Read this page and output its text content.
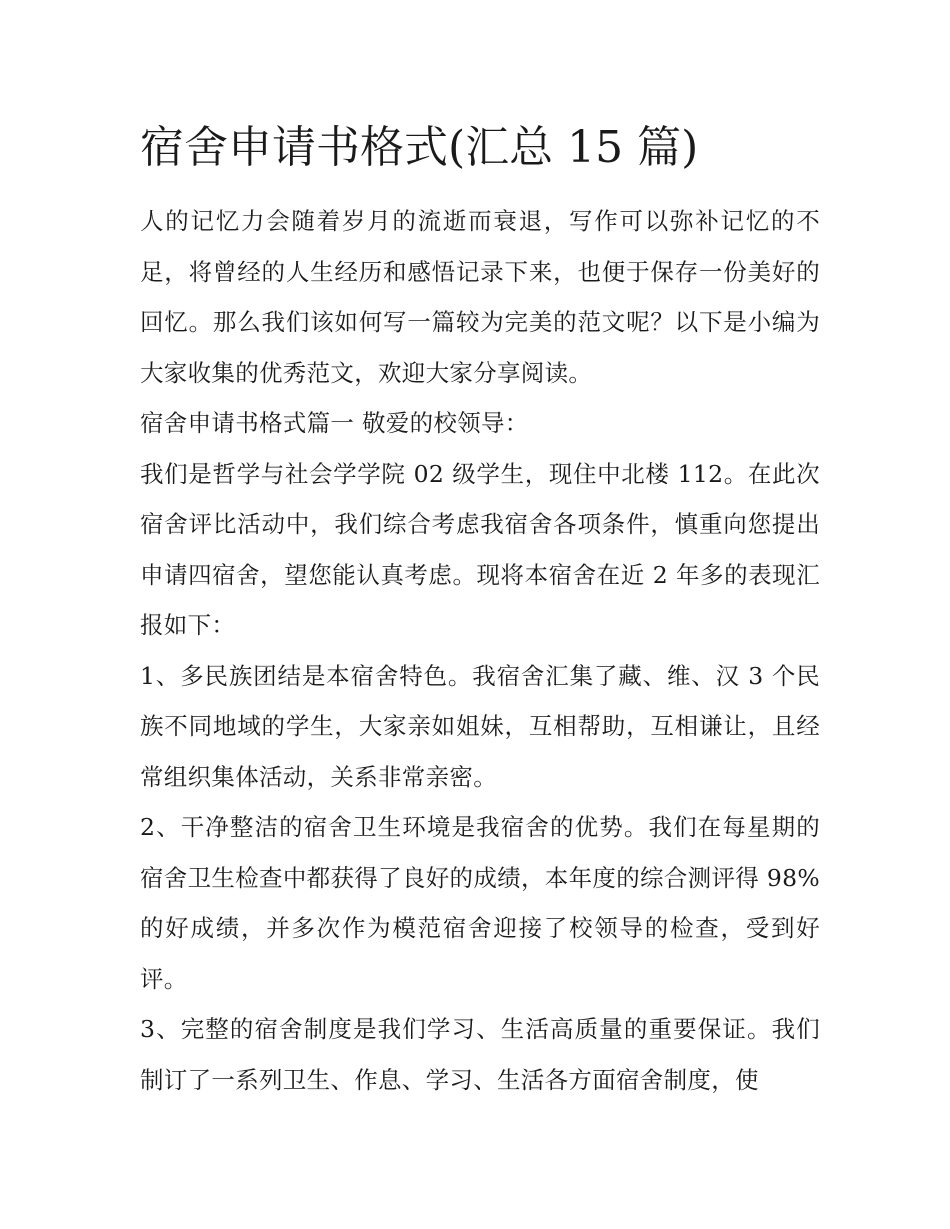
宿舍申请书格式(汇总 15 篇)

人的记忆力会随着岁月的流逝而衰退，写作可以弥补记忆的不足，将曾经的人生经历和感悟记录下来，也便于保存一份美好的回忆。那么我们该如何写一篇较为完美的范文呢？以下是小编为大家收集的优秀范文，欢迎大家分享阅读。

宿舍申请书格式篇一 敬爱的校领导：

我们是哲学与社会学学院 02 级学生，现住中北楼 112。在此次宿舍评比活动中，我们综合考虑我宿舍各项条件，慎重向您提出申请四宿舍，望您能认真考虑。现将本宿舍在近 2 年多的表现汇报如下：

1、多民族团结是本宿舍特色。我宿舍汇集了藏、维、汉 3 个民族不同地域的学生，大家亲如姐妹，互相帮助，互相谦让，且经常组织集体活动，关系非常亲密。

2、干净整洁的宿舍卫生环境是我宿舍的优势。我们在每星期的宿舍卫生检查中都获得了良好的成绩，本年度的综合测评得 98%的好成绩，并多次作为模范宿舍迎接了校领导的检查，受到好评。

3、完整的宿舍制度是我们学习、生活高质量的重要保证。我们制订了一系列卫生、作息、学习、生活各方面宿舍制度，使
